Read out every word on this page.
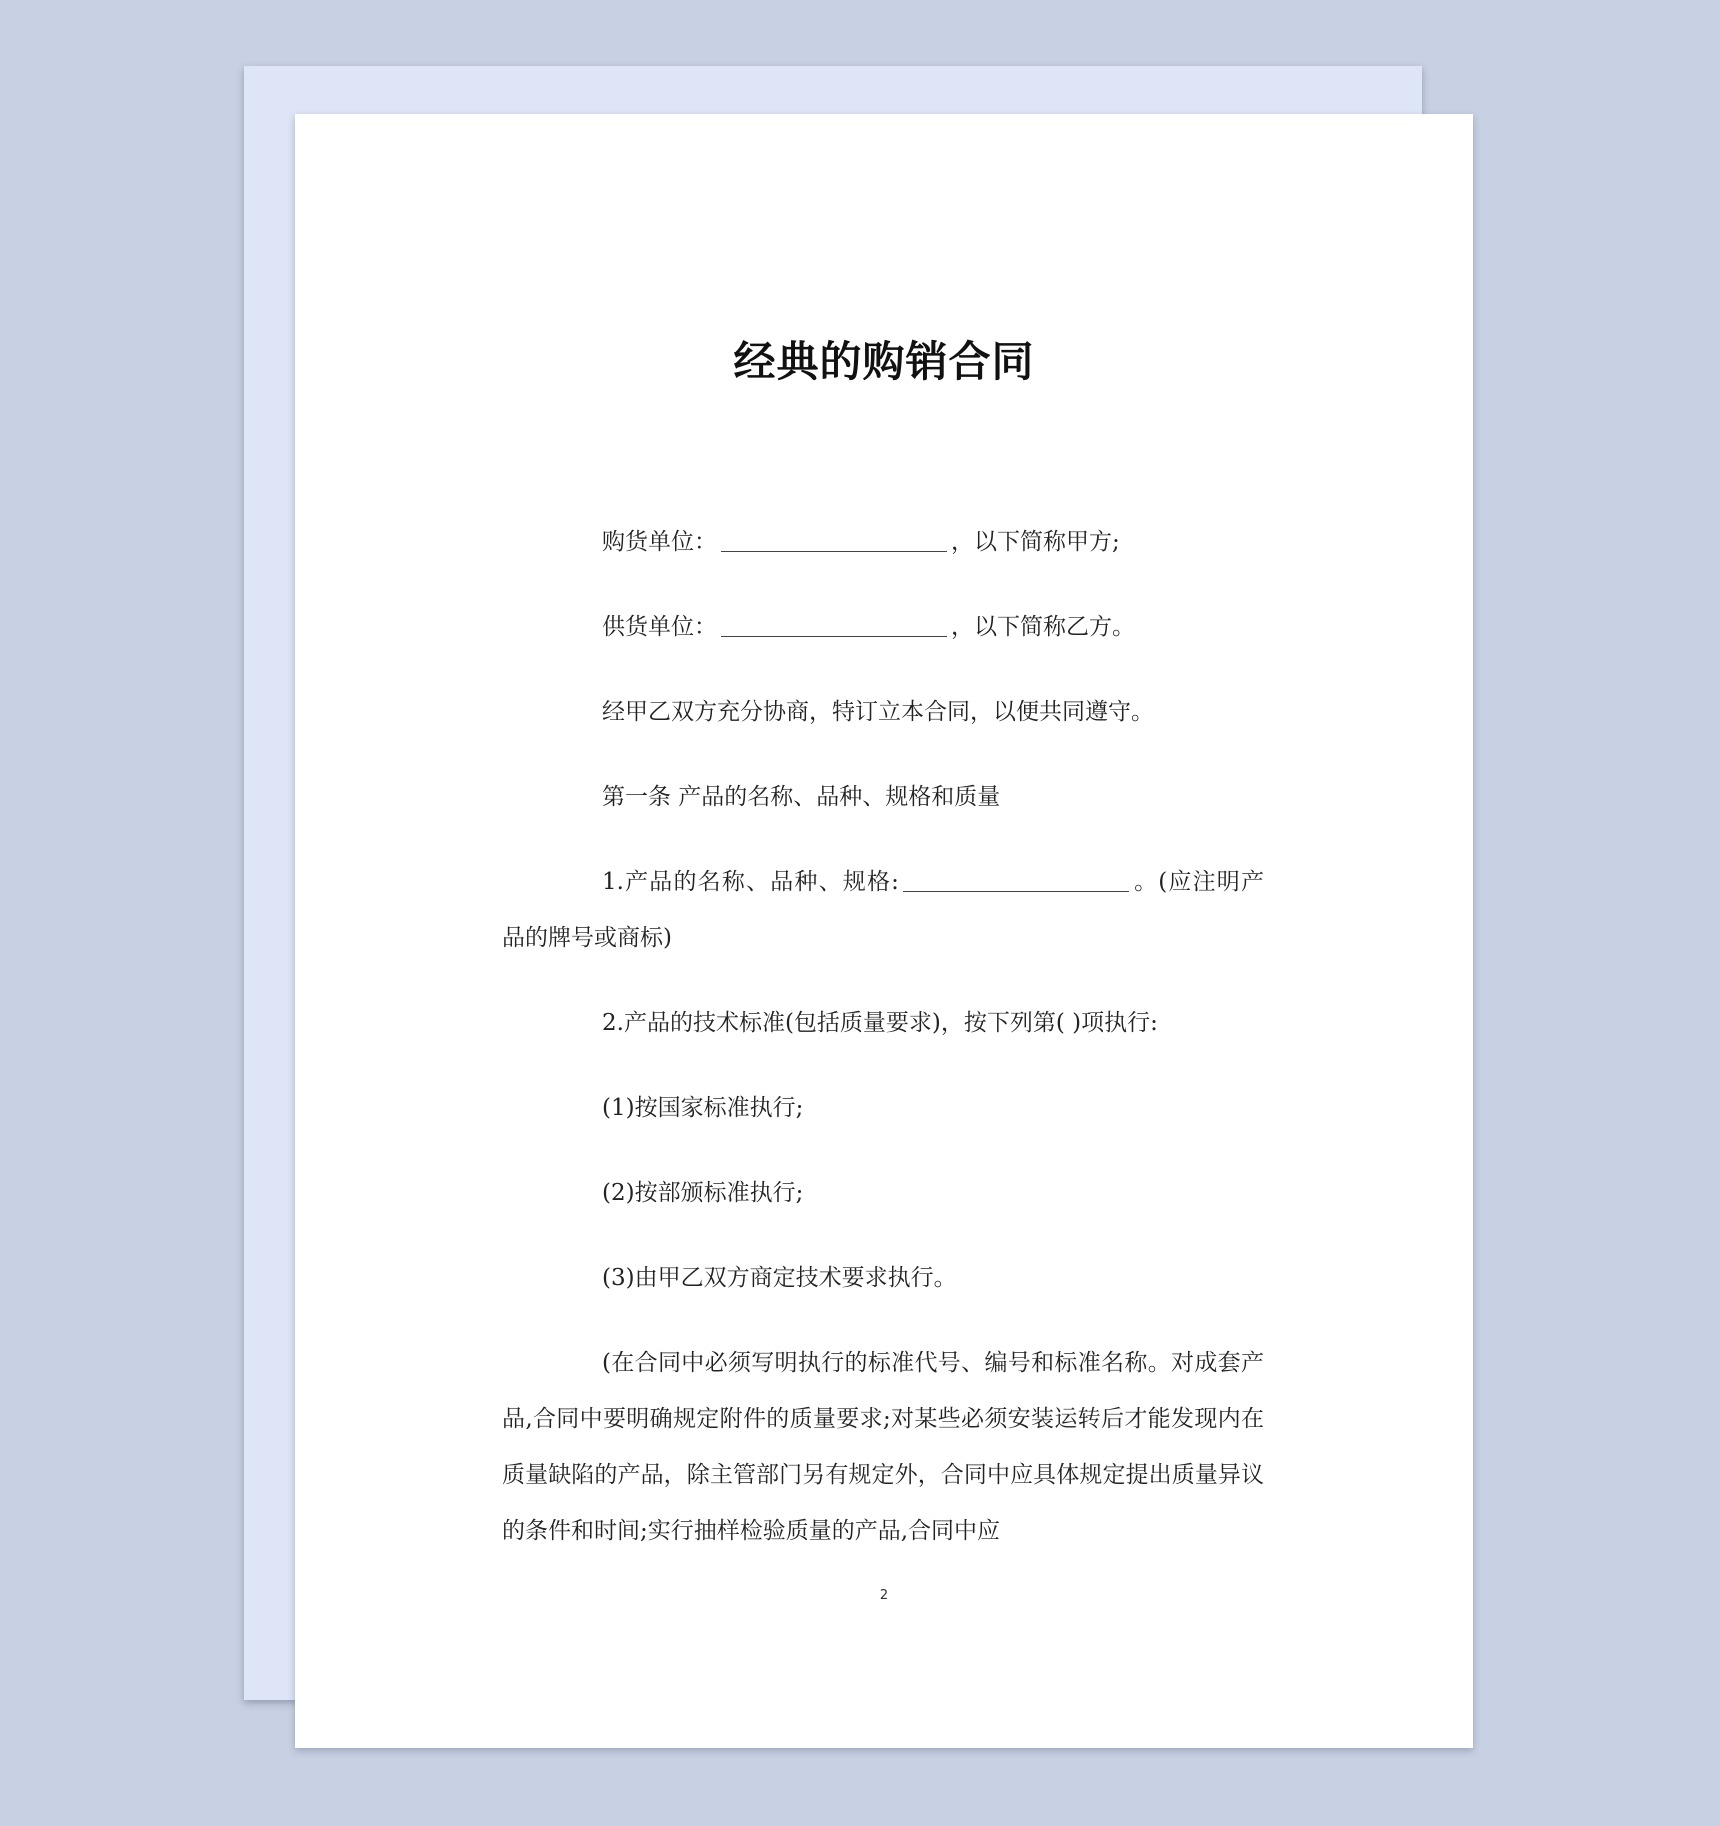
经典的购销合同

购货单位：	，以下简称甲方;

供货单位：	，以下简称乙方。

经甲乙双方充分协商，特订立本合同，以便共同遵守。

第一条 产品的名称、品种、规格和质量

1.产品的名称、品种、规格:	。(应注明产品的牌号或商标)

2.产品的技术标准(包括质量要求)，按下列第( )项执行:

(1)按国家标准执行;

(2)按部颁标准执行;

(3)由甲乙双方商定技术要求执行。

(在合同中必须写明执行的标准代号、编号和标准名称。对成套产品,合同中要明确规定附件的质量要求;对某些必须安装运转后才能发现内在质量缺陷的产品，除主管部门另有规定外，合同中应具体规定提出质量异议的条件和时间;实行抽样检验质量的产品,合同中应

2
